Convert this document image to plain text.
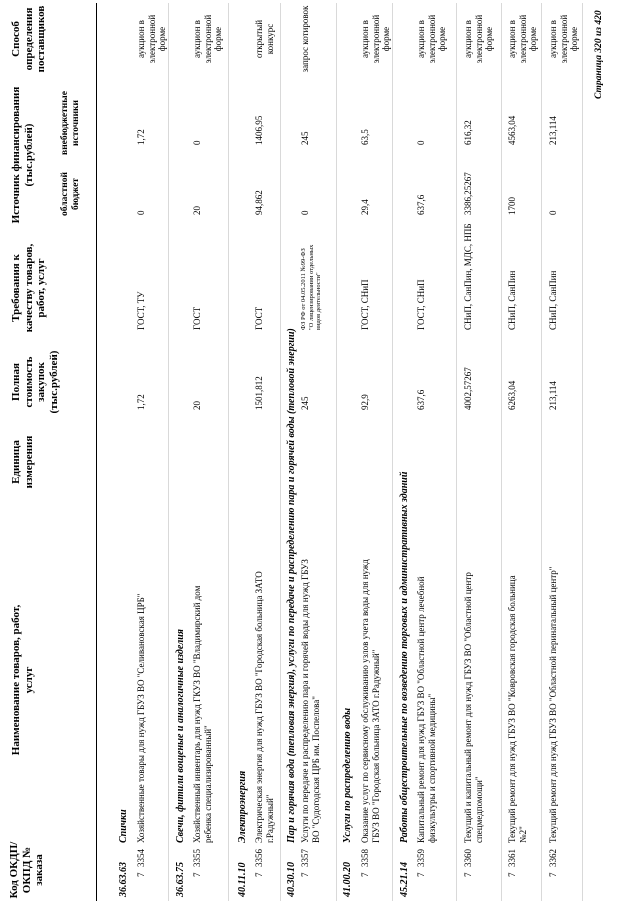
Код ОКДП/ ОКПД № заказа
Наименование товаров, работ, услуг
Единица измерения
Полная стоимость закупок (тыс.рублей)
Требования к качеству товаров, работ, услуг
Источник финансирования (тыс.рублей)
областной бюджет
внебюджетные источники
Способ определения поставщиков
36.63.63
Спички
7
3354
Хозяйственные товары для нужд ГБУЗ ВО "Селивановская ЦРБ"
1,72
ГОСТ, ТУ
0
1,72
аукцион в электронной форме
36.63.75
Свечи, фитили вощеные и аналогичные изделия
7
3355
Хозяйственный инвентарь для нужд ГКУЗ ВО "Владимирский дом ребенка специализированный"
20
ГОСТ
20
0
аукцион в электронной форме
40.11.10
Электроэнергия
7
3356
Электрическая энергия для нужд ГБУЗ ВО "Городская больница ЗАТО г.Радужный"
1501,812
ГОСТ
94,862
1406,95
открытый конкурс
40.30.10
Пар и горячая вода (тепловая энергия), услуги по передаче и распределению пара и горячей воды (тепловой энергии)
7
3357
Услуги по передаче и распределению пара и горячей воды для нужд ГБУЗ ВО "Судогодская ЦРБ им. Поспелова"
245
ФЗ РФ от 04.05.2011 №99-ФЗ "О лицензировании отдельных видов деятельности"
0
245
запрос котировок
41.00.20
Услуги по распределению воды
7
3358
Оказание услуг по сервисному обслуживанию узлов учета воды для нужд ГБУЗ ВО "Городская больница ЗАТО г.Радужный"
92,9
ГОСТ, СНиП
29,4
63,5
аукцион в электронной форме
45.21.14
Работы общестроительные по возведению торговых и административных зданий
7
3359
Капитальный ремонт для нужд ГБУЗ ВО "Областной центр лечебной физкультуры и спортивной медицины"
637,6
ГОСТ, СНиП
637,6
0
аукцион в электронной форме
7
3360
Текущий и капитальный ремонт для нужд ГБУЗ ВО "Областной центр спецмедпомощи"
4002,57267
СНиП, СанПин, МДС, НПБ
3386,25267
616,32
аукцион в электронной форме
7
3361
Текущий ремонт для нужд ГБУЗ ВО "Ковровская городская больница №2"
6263,04
СНиП, СанПин
1700
4563,04
аукцион в электронной форме
7
3362
Текущий ремонт для нужд ГБУЗ ВО "Областной перинатальный центр"
213,114
СНиП, СанПин
0
213,114
аукцион в электронной форме Страница 320 из 420
